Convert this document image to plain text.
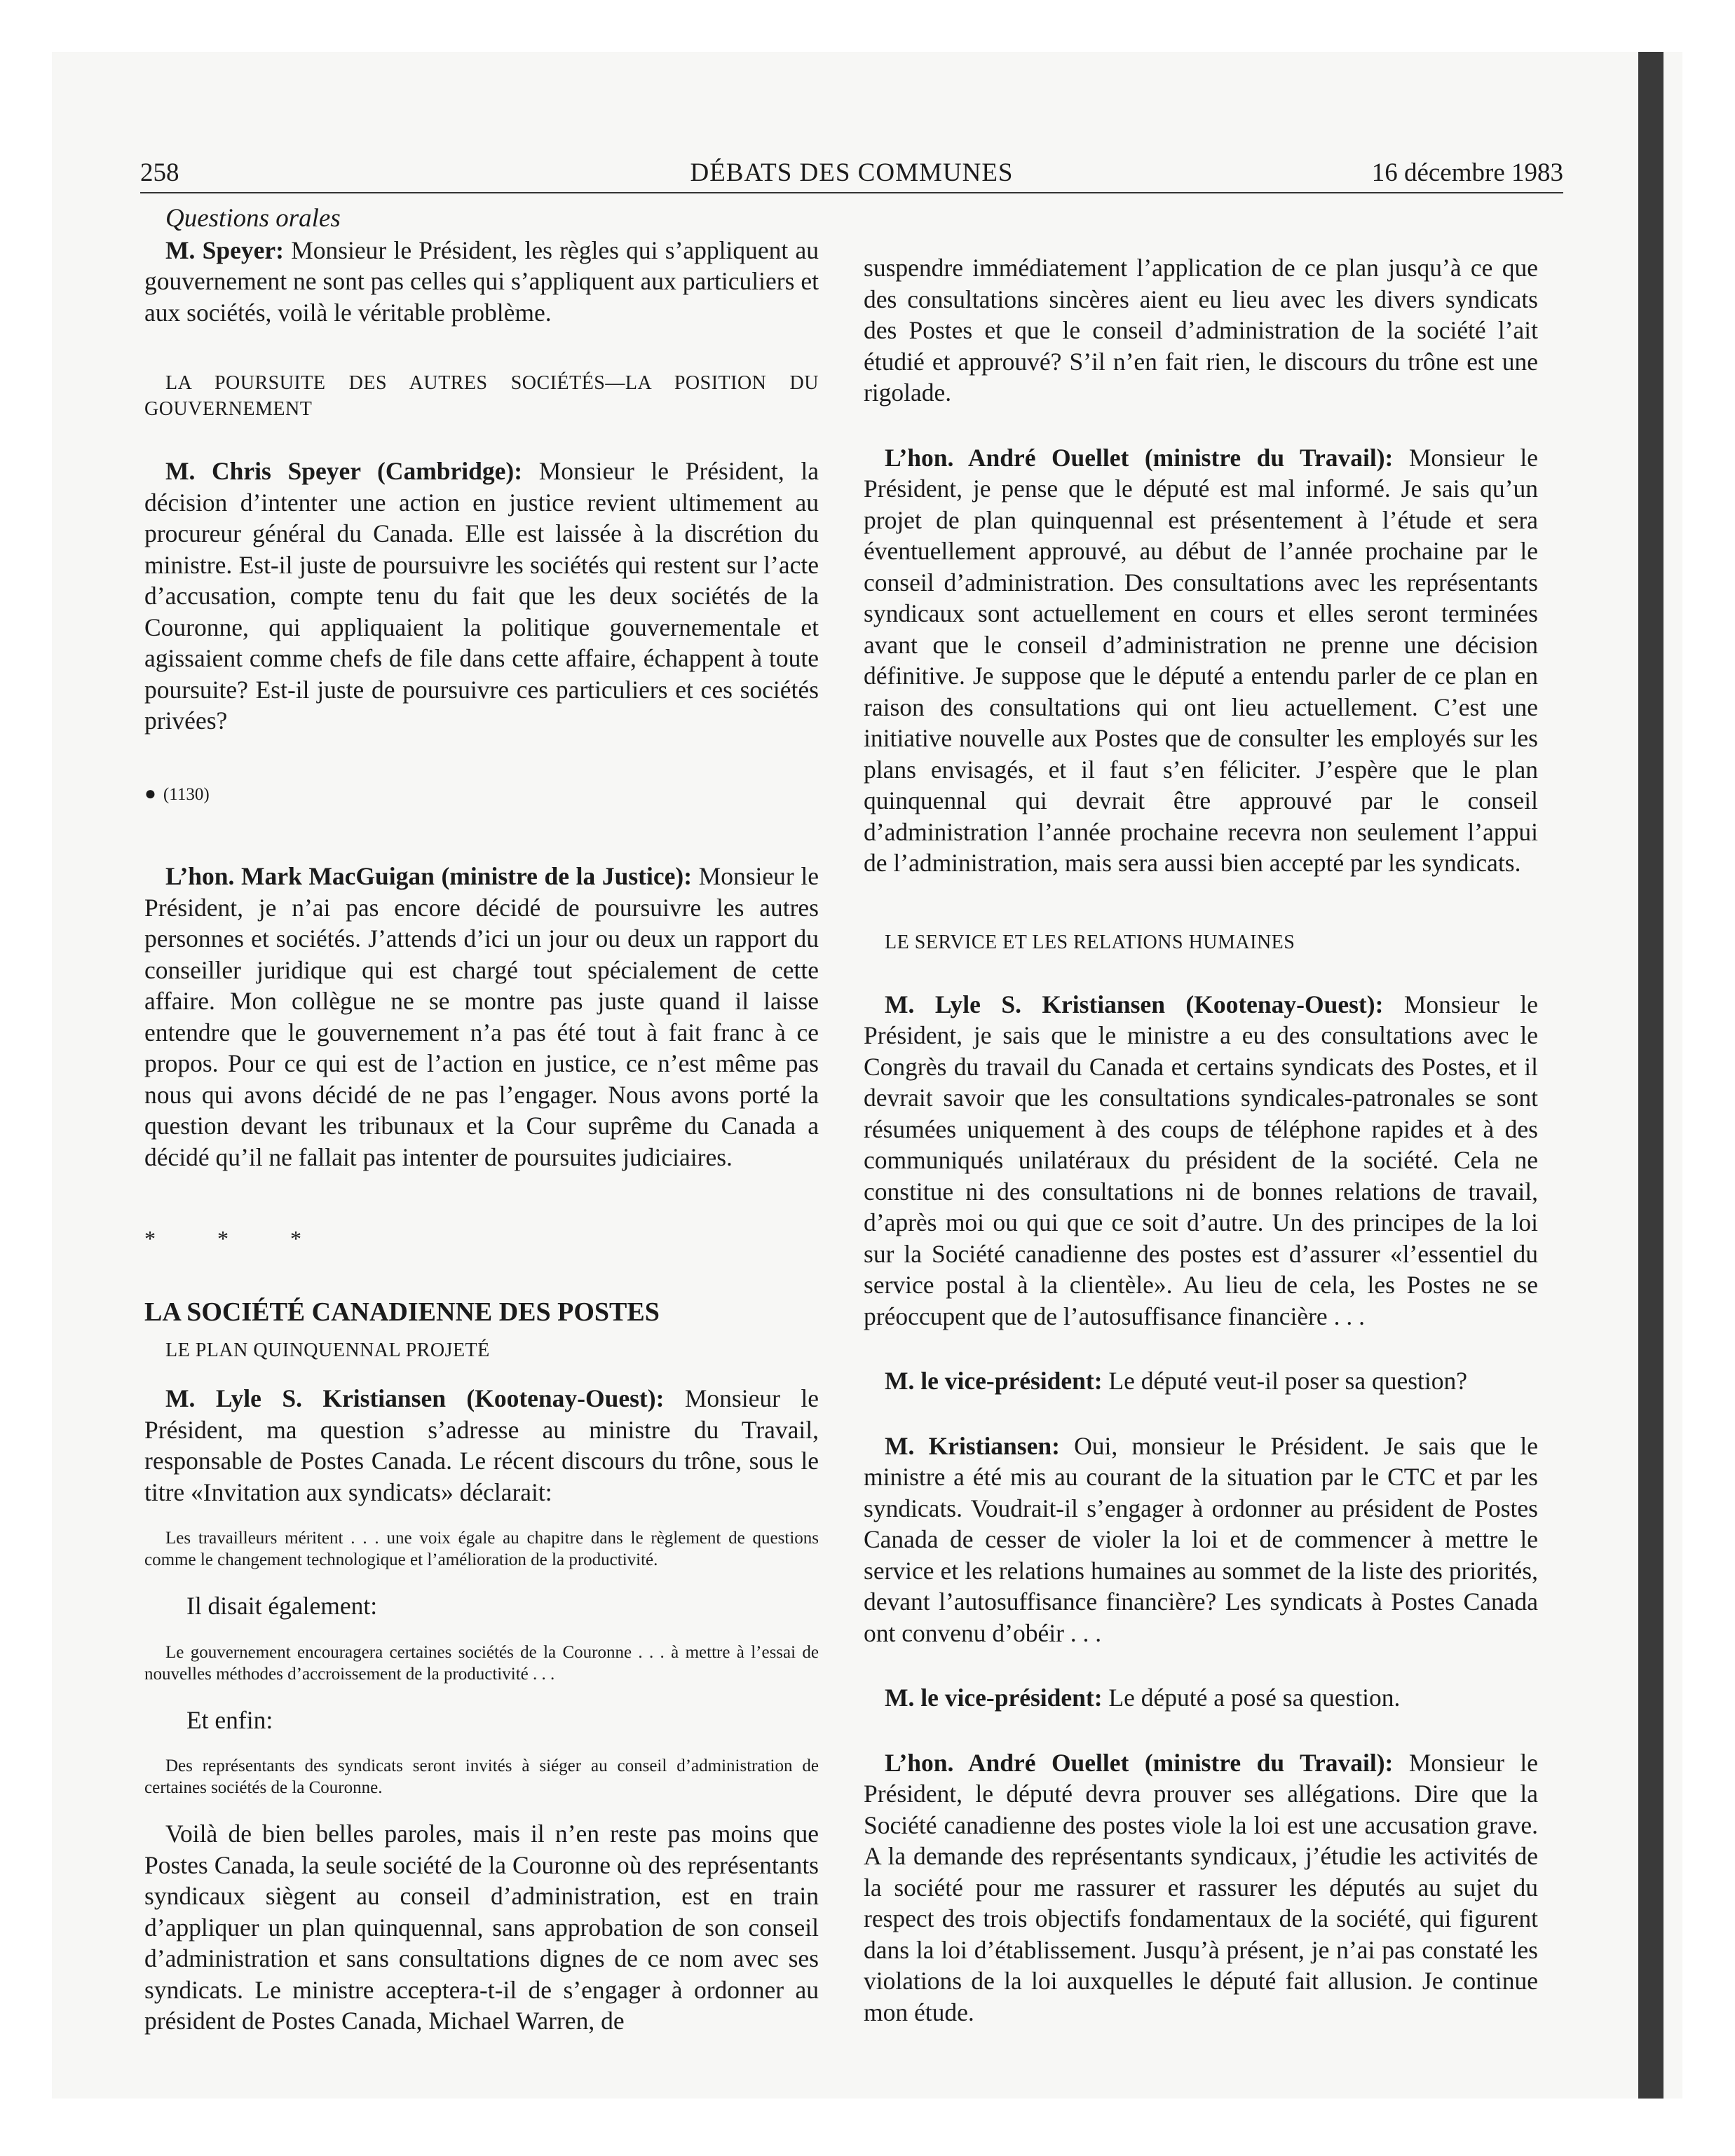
258	DÉBATS DES COMMUNES	16 décembre 1983

Questions orales

M. Speyer: Monsieur le Président, les règles qui s’appliquent au gouvernement ne sont pas celles qui s’appliquent aux particuliers et aux sociétés, voilà le véritable problème.

LA POURSUITE DES AUTRES SOCIÉTÉS—LA POSITION DU GOUVERNEMENT

M. Chris Speyer (Cambridge): Monsieur le Président, la décision d’intenter une action en justice revient ultimement au procureur général du Canada. Elle est laissée à la discrétion du ministre. Est-il juste de poursuivre les sociétés qui restent sur l’acte d’accusation, compte tenu du fait que les deux sociétés de la Couronne, qui appliquaient la politique gouvernementale et agissaient comme chefs de file dans cette affaire, échappent à toute poursuite? Est-il juste de poursuivre ces particuliers et ces sociétés privées?

● (1130)

L’hon. Mark MacGuigan (ministre de la Justice): Monsieur le Président, je n’ai pas encore décidé de poursuivre les autres personnes et sociétés. J’attends d’ici un jour ou deux un rapport du conseiller juridique qui est chargé tout spécialement de cette affaire. Mon collègue ne se montre pas juste quand il laisse entendre que le gouvernement n’a pas été tout à fait franc à ce propos. Pour ce qui est de l’action en justice, ce n’est même pas nous qui avons décidé de ne pas l’engager. Nous avons porté la question devant les tribunaux et la Cour suprême du Canada a décidé qu’il ne fallait pas intenter de poursuites judiciaires.

* * *

LA SOCIÉTÉ CANADIENNE DES POSTES

LE PLAN QUINQUENNAL PROJETÉ

M. Lyle S. Kristiansen (Kootenay-Ouest): Monsieur le Président, ma question s’adresse au ministre du Travail, responsable de Postes Canada. Le récent discours du trône, sous le titre «Invitation aux syndicats» déclarait:

Les travailleurs méritent . . . une voix égale au chapitre dans le règlement de questions comme le changement technologique et l’amélioration de la productivité.

Il disait également:

Le gouvernement encouragera certaines sociétés de la Couronne . . . à mettre à l’essai de nouvelles méthodes d’accroissement de la productivité . . .

Et enfin:

Des représentants des syndicats seront invités à siéger au conseil d’administration de certaines sociétés de la Couronne.

Voilà de bien belles paroles, mais il n’en reste pas moins que Postes Canada, la seule société de la Couronne où des représentants syndicaux siègent au conseil d’administration, est en train d’appliquer un plan quinquennal, sans approbation de son conseil d’administration et sans consultations dignes de ce nom avec ses syndicats. Le ministre acceptera-t-il de s’engager à ordonner au président de Postes Canada, Michael Warren, de

suspendre immédiatement l’application de ce plan jusqu’à ce que des consultations sincères aient eu lieu avec les divers syndicats des Postes et que le conseil d’administration de la société l’ait étudié et approuvé? S’il n’en fait rien, le discours du trône est une rigolade.

L’hon. André Ouellet (ministre du Travail): Monsieur le Président, je pense que le député est mal informé. Je sais qu’un projet de plan quinquennal est présentement à l’étude et sera éventuellement approuvé, au début de l’année prochaine par le conseil d’administration. Des consultations avec les représentants syndicaux sont actuellement en cours et elles seront terminées avant que le conseil d’administration ne prenne une décision définitive. Je suppose que le député a entendu parler de ce plan en raison des consultations qui ont lieu actuellement. C’est une initiative nouvelle aux Postes que de consulter les employés sur les plans envisagés, et il faut s’en féliciter. J’espère que le plan quinquennal qui devrait être approuvé par le conseil d’administration l’année prochaine recevra non seulement l’appui de l’administration, mais sera aussi bien accepté par les syndicats.

LE SERVICE ET LES RELATIONS HUMAINES

M. Lyle S. Kristiansen (Kootenay-Ouest): Monsieur le Président, je sais que le ministre a eu des consultations avec le Congrès du travail du Canada et certains syndicats des Postes, et il devrait savoir que les consultations syndicales-patronales se sont résumées uniquement à des coups de téléphone rapides et à des communiqués unilatéraux du président de la société. Cela ne constitue ni des consultations ni de bonnes relations de travail, d’après moi ou qui que ce soit d’autre. Un des principes de la loi sur la Société canadienne des postes est d’assurer «l’essentiel du service postal à la clientèle». Au lieu de cela, les Postes ne se préoccupent que de l’autosuffisance financière . . .

M. le vice-président: Le député veut-il poser sa question?

M. Kristiansen: Oui, monsieur le Président. Je sais que le ministre a été mis au courant de la situation par le CTC et par les syndicats. Voudrait-il s’engager à ordonner au président de Postes Canada de cesser de violer la loi et de commencer à mettre le service et les relations humaines au sommet de la liste des priorités, devant l’autosuffisance financière? Les syndicats à Postes Canada ont convenu d’obéir . . .

M. le vice-président: Le député a posé sa question.

L’hon. André Ouellet (ministre du Travail): Monsieur le Président, le député devra prouver ses allégations. Dire que la Société canadienne des postes viole la loi est une accusation grave. A la demande des représentants syndicaux, j’étudie les activités de la société pour me rassurer et rassurer les députés au sujet du respect des trois objectifs fondamentaux de la société, qui figurent dans la loi d’établissement. Jusqu’à présent, je n’ai pas constaté les violations de la loi auxquelles le député fait allusion. Je continue mon étude.
